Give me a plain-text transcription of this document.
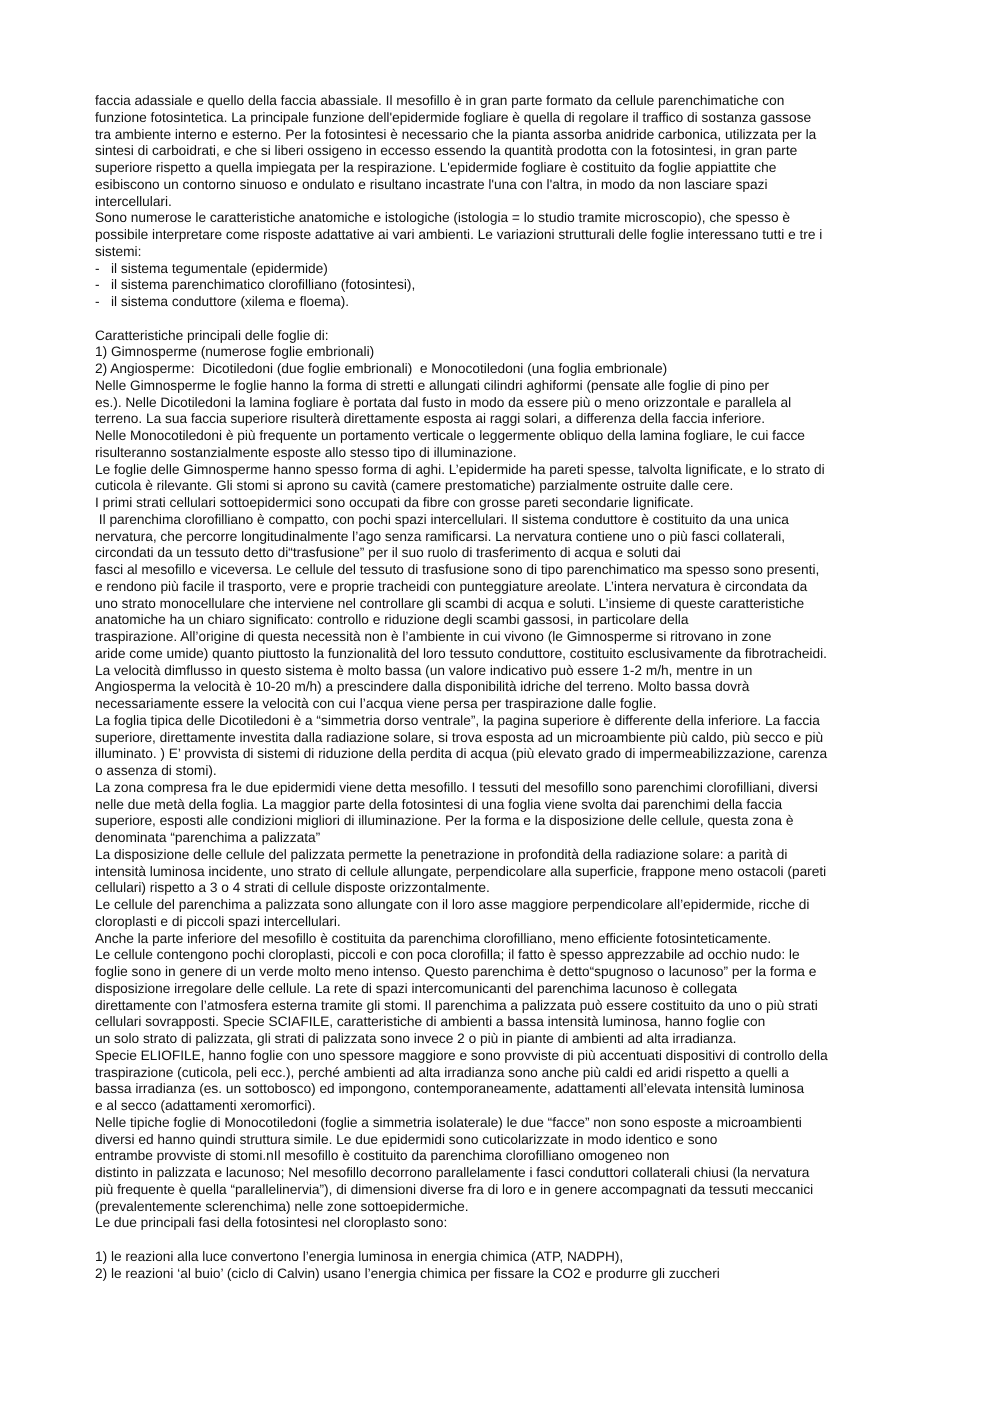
faccia adassiale e quello della faccia abassiale. Il mesofillo è in gran parte formato da cellule parenchimatiche con
funzione fotosintetica. La principale funzione dell'epidermide fogliare è quella di regolare il traffico di sostanza gassose
tra ambiente interno e esterno. Per la fotosintesi è necessario che la pianta assorba anidride carbonica, utilizzata per la
sintesi di carboidrati, e che si liberi ossigeno in eccesso essendo la quantità prodotta con la fotosintesi, in gran parte
superiore rispetto a quella impiegata per la respirazione. L'epidermide fogliare è costituito da foglie appiattite che
esibiscono un contorno sinuoso e ondulato e risultano incastrate l'una con l'altra, in modo da non lasciare spazi
intercellulari.
Sono numerose le caratteristiche anatomiche e istologiche (istologia = lo studio tramite microscopio), che spesso è
possibile interpretare come risposte adattative ai vari ambienti. Le variazioni strutturali delle foglie interessano tutti e tre i
sistemi:
- il sistema tegumentale (epidermide)
- il sistema parenchimatico clorofilliano (fotosintesi),
- il sistema conduttore (xilema e floema).
Caratteristiche principali delle foglie di:
1) Gimnosperme (numerose foglie embrionali)
2) Angiosperme:  Dicotiledoni (due foglie embrionali)  e Monocotiledoni (una foglia embrionale)
Nelle Gimnosperme le foglie hanno la forma di stretti e allungati cilindri aghiformi (pensate alle foglie di pino per
es.). Nelle Dicotiledoni la lamina fogliare è portata dal fusto in modo da essere più o meno orizzontale e parallela al
terreno. La sua faccia superiore risulterà direttamente esposta ai raggi solari, a differenza della faccia inferiore.
Nelle Monocotiledoni è più frequente un portamento verticale o leggermente obliquo della lamina fogliare, le cui facce
risulteranno sostanzialmente esposte allo stesso tipo di illuminazione.
Le foglie delle Gimnosperme hanno spesso forma di aghi. L’epidermide ha pareti spesse, talvolta lignificate, e lo strato di
cuticola è rilevante. Gli stomi si aprono su cavità (camere prestomatiche) parzialmente ostruite dalle cere.
I primi strati cellulari sottoepidermici sono occupati da fibre con grosse pareti secondarie lignificate.
Il parenchima clorofilliano è compatto, con pochi spazi intercellulari. Il sistema conduttore è costituito da una unica
nervatura, che percorre longitudinalmente l’ago senza ramificarsi. La nervatura contiene uno o più fasci collaterali,
circondati da un tessuto detto di“trasfusione” per il suo ruolo di trasferimento di acqua e soluti dai
fasci al mesofillo e viceversa. Le cellule del tessuto di trasfusione sono di tipo parenchimatico ma spesso sono presenti,
e rendono più facile il trasporto, vere e proprie tracheidi con punteggiature areolate. L’intera nervatura è circondata da
uno strato monocellulare che interviene nel controllare gli scambi di acqua e soluti. L’insieme di queste caratteristiche
anatomiche ha un chiaro significato: controllo e riduzione degli scambi gassosi, in particolare della
traspirazione. All’origine di questa necessità non è l’ambiente in cui vivono (le Gimnosperme si ritrovano in zone
aride come umide) quanto piuttosto la funzionalità del loro tessuto conduttore, costituito esclusivamente da fibrotracheidi.
La velocità dimflusso in questo sistema è molto bassa (un valore indicativo può essere 1-2 m/h, mentre in un
Angiosperma la velocità è 10-20 m/h) a prescindere dalla disponibilità idriche del terreno. Molto bassa dovrà
necessariamente essere la velocità con cui l’acqua viene persa per traspirazione dalle foglie.
La foglia tipica delle Dicotiledoni è a “simmetria dorso ventrale”, la pagina superiore è differente della inferiore. La faccia
superiore, direttamente investita dalla radiazione solare, si trova esposta ad un microambiente più caldo, più secco e più
illuminato. ) E’ provvista di sistemi di riduzione della perdita di acqua (più elevato grado di impermeabilizzazione, carenza
o assenza di stomi).
La zona compresa fra le due epidermidi viene detta mesofillo. I tessuti del mesofillo sono parenchimi clorofilliani, diversi
nelle due metà della foglia. La maggior parte della fotosintesi di una foglia viene svolta dai parenchimi della faccia
superiore, esposti alle condizioni migliori di illuminazione. Per la forma e la disposizione delle cellule, questa zona è
denominata “parenchima a palizzata”
La disposizione delle cellule del palizzata permette la penetrazione in profondità della radiazione solare: a parità di
intensità luminosa incidente, uno strato di cellule allungate, perpendicolare alla superficie, frappone meno ostacoli (pareti
cellulari) rispetto a 3 o 4 strati di cellule disposte orizzontalmente.
Le cellule del parenchima a palizzata sono allungate con il loro asse maggiore perpendicolare all’epidermide, ricche di
cloroplasti e di piccoli spazi intercellulari.
Anche la parte inferiore del mesofillo è costituita da parenchima clorofilliano, meno efficiente fotosinteticamente.
Le cellule contengono pochi cloroplasti, piccoli e con poca clorofilla; il fatto è spesso apprezzabile ad occhio nudo: le
foglie sono in genere di un verde molto meno intenso. Questo parenchima è detto“spugnoso o lacunoso” per la forma e
disposizione irregolare delle cellule. La rete di spazi intercomunicanti del parenchima lacunoso è collegata
direttamente con l’atmosfera esterna tramite gli stomi. Il parenchima a palizzata può essere costituito da uno o più strati
cellulari sovrapposti. Specie SCIAFILE, caratteristiche di ambienti a bassa intensità luminosa, hanno foglie con
un solo strato di palizzata, gli strati di palizzata sono invece 2 o più in piante di ambienti ad alta irradianza.
Specie ELIOFILE, hanno foglie con uno spessore maggiore e sono provviste di più accentuati dispositivi di controllo della
traspirazione (cuticola, peli ecc.), perché ambienti ad alta irradianza sono anche più caldi ed aridi rispetto a quelli a
bassa irradianza (es. un sottobosco) ed impongono, contemporaneamente, adattamenti all’elevata intensità luminosa
e al secco (adattamenti xeromorfici).
Nelle tipiche foglie di Monocotiledoni (foglie a simmetria isolaterale) le due “facce” non sono esposte a microambienti
diversi ed hanno quindi struttura simile. Le due epidermidi sono cuticolarizzate in modo identico e sono
entrambe provviste di stomi.nIl mesofillo è costituito da parenchima clorofilliano omogeneo non
distinto in palizzata e lacunoso; Nel mesofillo decorrono parallelamente i fasci conduttori collaterali chiusi (la nervatura
più frequente è quella “parallelinervia”), di dimensioni diverse fra di loro e in genere accompagnati da tessuti meccanici
(prevalentemente sclerenchima) nelle zone sottoepidermiche.
Le due principali fasi della fotosintesi nel cloroplasto sono:
1) le reazioni alla luce convertono l’energia luminosa in energia chimica (ATP, NADPH),
2) le reazioni ‘al buio’ (ciclo di Calvin) usano l’energia chimica per fissare la CO2 e produrre gli zuccheri
